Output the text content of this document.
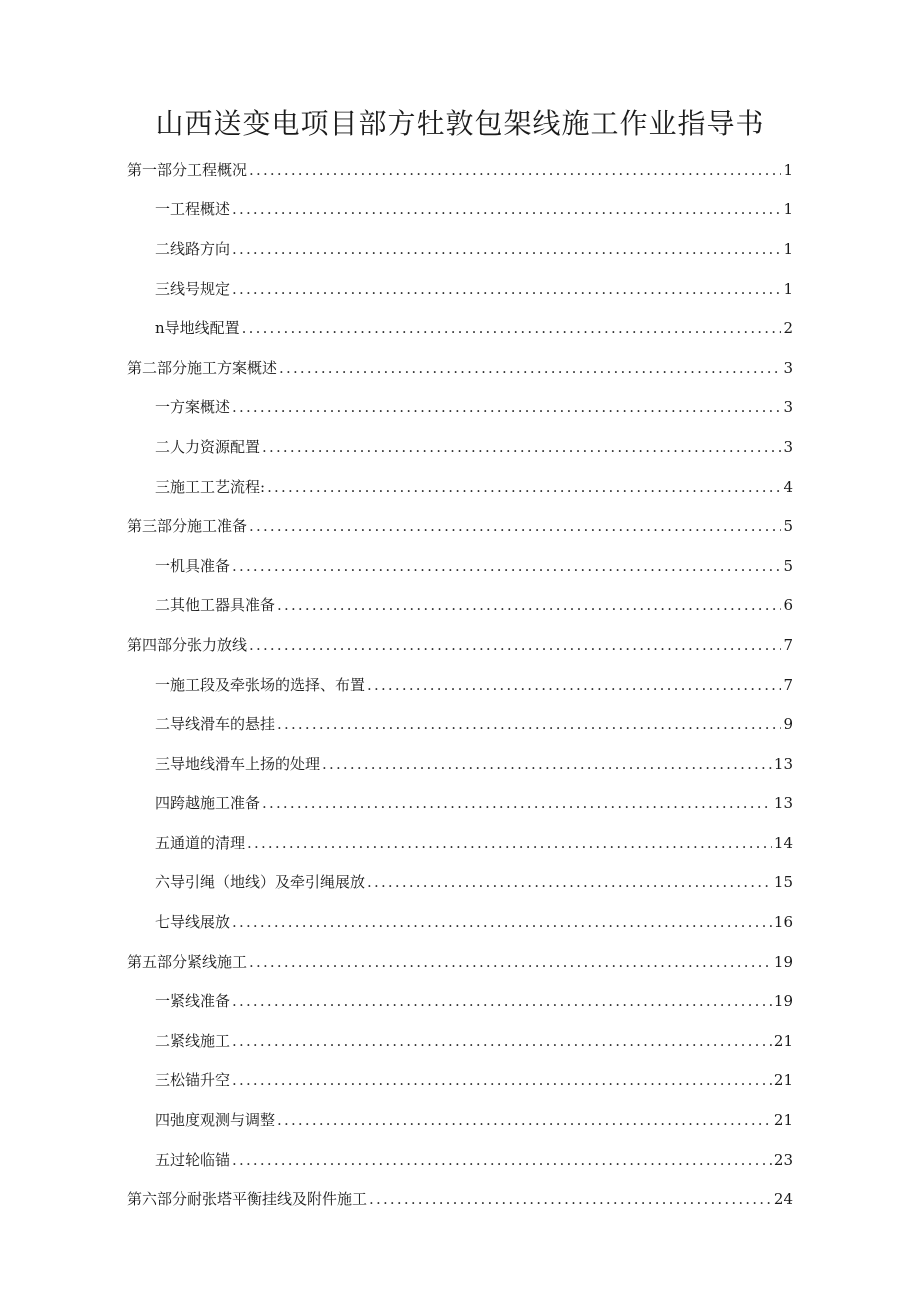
山西送变电项目部方牡敦包架线施工作业指导书
第一部分工程概况 .....	1
一工程概述 .....	1
二线路方向 .....	1
三线号规定 .....	1
n导地线配置 .....	2
第二部分施工方案概述 .....	3
一方案概述 .....	3
二人力资源配置 .....	3
三施工工艺流程: .....	4
第三部分施工准备 .....	5
一机具准备 .....	5
二其他工器具准备 .....	6
第四部分张力放线 .....	7
一施工段及牵张场的选择、布置 .....	7
二导线滑车的悬挂 .....	9
三导地线滑车上扬的处理 .....	13
四跨越施工准备 .....	13
五通道的清理 .....	14
六导引绳（地线）及牵引绳展放 .....	15
七导线展放 .....	16
第五部分紧线施工 .....	19
一紧线准备 .....	19
二紧线施工 .....	21
三松锚升空 .....	21
四弛度观测与调整 .....	21
五过轮临锚 .....	23
第六部分耐张塔平衡挂线及附件施工 .....	24
